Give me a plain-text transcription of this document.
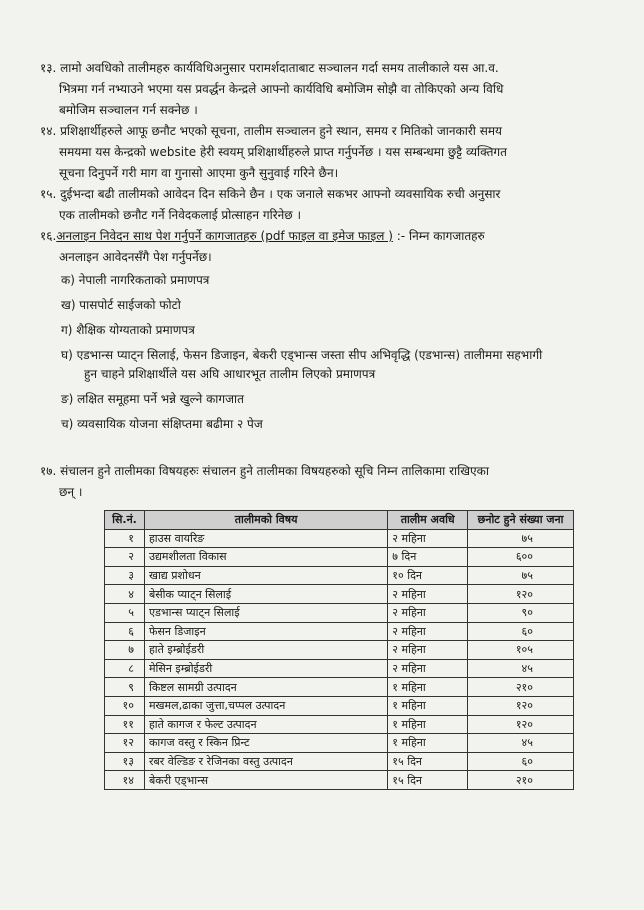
१३. लामो अवधिको तालीमहरु कार्यविधिअनुसार परामर्शदाताबाट सञ्चालन गर्दा समय तालीकाले यस आ.व.

भित्रमा गर्न नभ्याउने भएमा यस प्रवर्द्धन केन्द्रले आफ्नो कार्यविधि बमोजिम सोझै वा तोकिएको अन्य विधि

बमोजिम सञ्चालन गर्न सक्नेछ ।

१४. प्रशिक्षार्थीहरुले आफू छनौट भएको सूचना, तालीम सञ्चालन हुने स्थान, समय र मितिको जानकारी समय

समयमा यस केन्द्रको website हेरी स्वयम् प्रशिक्षार्थीहरुले प्राप्त गर्नुपर्नेछ । यस सम्बन्धमा छुट्टै व्यक्तिगत

सूचना दिनुपर्ने गरी माग वा गुनासो आएमा कुनै सुनुवाई गरिने छैन।

१५. दुईभन्दा बढी तालीमको आवेदन दिन सकिने छैन । एक जनाले सकभर आफ्नो व्यवसायिक रुची अनुसार

एक तालीमको छनौट गर्ने निवेदकलाई प्रोत्साहन गरिनेछ ।

१६.अनलाइन निवेदन साथ पेश गर्नुपर्ने कागजातहरु (pdf फाइल वा इमेज फाइल ) :- निम्न कागजातहरु

अनलाइन आवेदनसँगै पेश गर्नुपर्नेछ।

क) नेपाली नागरिकताको प्रमाणपत्र

ख) पासपोर्ट साईजको फोटो

ग) शैक्षिक योग्यताको प्रमाणपत्र

घ) एडभान्स प्याट्न सिलाई, फेसन डिजाइन, बेकरी एड्भान्स जस्ता सीप अभिवृद्धि (एडभान्स) तालीममा सहभागी

हुन चाहने प्रशिक्षार्थीले यस अघि आधारभूत तालीम लिएको प्रमाणपत्र

ङ) लक्षित समूहमा पर्ने भन्ने खुल्ने कागजात

च) व्यवसायिक योजना संक्षिप्तमा बढीमा २ पेज

१७. संचालन हुने तालीमका विषयहरुः संचालन हुने तालीमका विषयहरुको सूचि निम्न तालिकामा राखिएका

छन् ।

सि.नं.	तालीमको विषय	तालीम अवधि	छनोट हुने संख्या जना
१	हाउस वायरिङ	२ महिना	७५
२	उद्यमशीलता विकास	७ दिन	६००
३	खाद्य प्रशोधन	१० दिन	७५
४	बेसीक प्याट्न सिलाई	२ महिना	१२०
५	एडभान्स प्याट्न सिलाई	२ महिना	९०
६	फेसन डिजाइन	२ महिना	६०
७	हाते इम्ब्रोईडरी	२ महिना	१०५
८	मेसिन इम्ब्रोईडरी	२ महिना	४५
९	किष्टल सामग्री उत्पादन	१ महिना	२१०
१०	मखमल,ढाका जुत्ता,चप्पल उत्पादन	१ महिना	१२०
११	हाते कागज र फेल्ट उत्पादन	१ महिना	१२०
१२	कागज वस्तु र स्किन प्रिन्ट	१ महिना	४५
१३	रबर वेल्डिङ र रेजिनका वस्तु उत्पादन	१५ दिन	६०
१४	बेकरी एड्भान्स	१५ दिन	२१०
